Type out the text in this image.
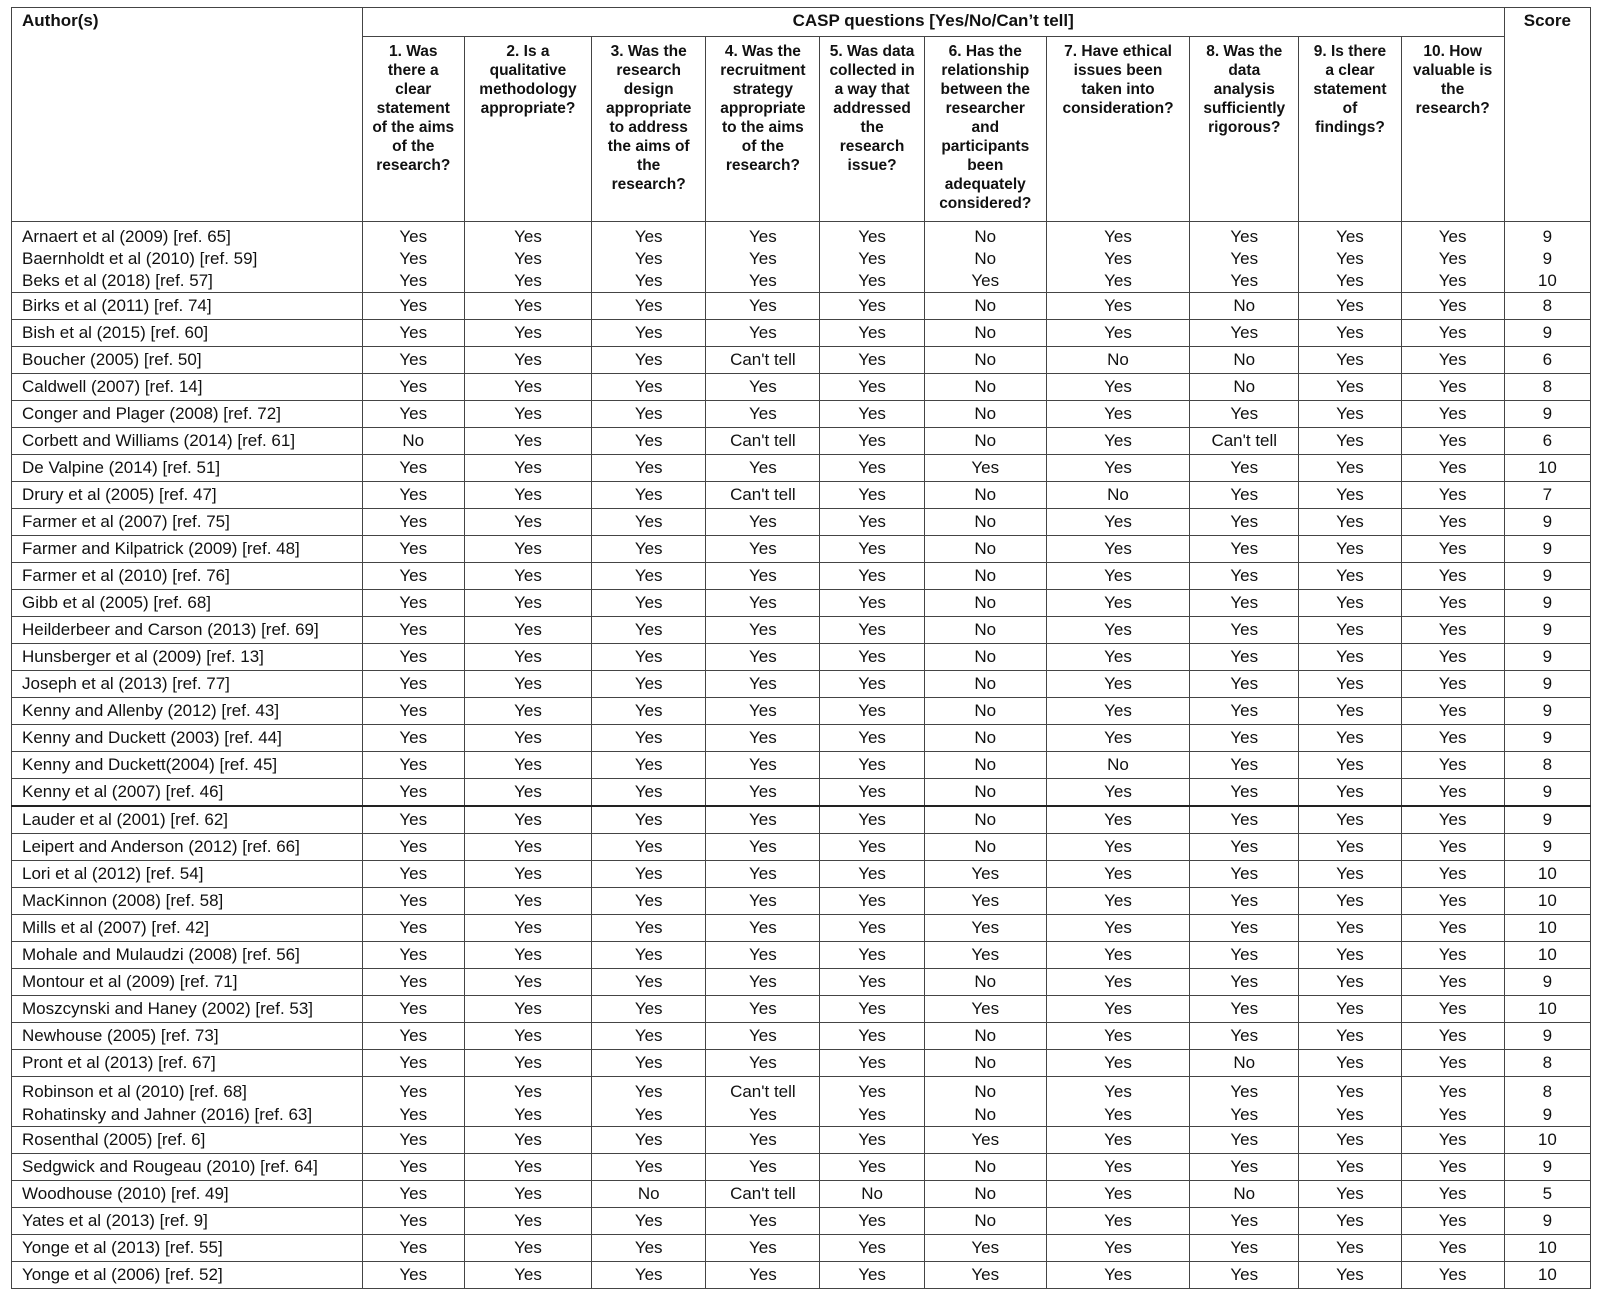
Author(s)	CASP questions [Yes/No/Can’t tell]										Score
	1. Was there a clear statement of the aims of the research?	2. Is a qualitative methodology appropriate?	3. Was the research design appropriate to address the aims of the research?	4. Was the recruitment strategy appropriate to the aims of the research?	5. Was data collected in a way that addressed the research issue?	6. Has the relationship between the researcher and participants been adequately considered?	7. Have ethical issues been taken into consideration?	8. Was the data analysis sufficiently rigorous?	9. Is there a clear statement of findings?	10. How valuable is the research?	
Arnaert et al (2009) [ref. 65]	Yes	Yes	Yes	Yes	Yes	No	Yes	Yes	Yes	Yes	9
Baernholdt et al (2010) [ref. 59]	Yes	Yes	Yes	Yes	Yes	No	Yes	Yes	Yes	Yes	9
Beks et al (2018) [ref. 57]	Yes	Yes	Yes	Yes	Yes	Yes	Yes	Yes	Yes	Yes	10
Birks et al (2011) [ref. 74]	Yes	Yes	Yes	Yes	Yes	No	Yes	No	Yes	Yes	8
Bish et al (2015) [ref. 60]	Yes	Yes	Yes	Yes	Yes	No	Yes	Yes	Yes	Yes	9
Boucher (2005) [ref. 50]	Yes	Yes	Yes	Can't tell	Yes	No	No	No	Yes	Yes	6
Caldwell (2007) [ref. 14]	Yes	Yes	Yes	Yes	Yes	No	Yes	No	Yes	Yes	8
Conger and Plager (2008) [ref. 72]	Yes	Yes	Yes	Yes	Yes	No	Yes	Yes	Yes	Yes	9
Corbett and Williams (2014) [ref. 61]	No	Yes	Yes	Can't tell	Yes	No	Yes	Can't tell	Yes	Yes	6
De Valpine (2014) [ref. 51]	Yes	Yes	Yes	Yes	Yes	Yes	Yes	Yes	Yes	Yes	10
Drury et al (2005) [ref. 47]	Yes	Yes	Yes	Can't tell	Yes	No	No	Yes	Yes	Yes	7
Farmer et al (2007) [ref. 75]	Yes	Yes	Yes	Yes	Yes	No	Yes	Yes	Yes	Yes	9
Farmer and Kilpatrick (2009) [ref. 48]	Yes	Yes	Yes	Yes	Yes	No	Yes	Yes	Yes	Yes	9
Farmer et al (2010) [ref. 76]	Yes	Yes	Yes	Yes	Yes	No	Yes	Yes	Yes	Yes	9
Gibb et al (2005) [ref. 68]	Yes	Yes	Yes	Yes	Yes	No	Yes	Yes	Yes	Yes	9
Heilderbeer and Carson (2013) [ref. 69]	Yes	Yes	Yes	Yes	Yes	No	Yes	Yes	Yes	Yes	9
Hunsberger et al (2009) [ref. 13]	Yes	Yes	Yes	Yes	Yes	No	Yes	Yes	Yes	Yes	9
Joseph et al (2013) [ref. 77]	Yes	Yes	Yes	Yes	Yes	No	Yes	Yes	Yes	Yes	9
Kenny and Allenby (2012) [ref. 43]	Yes	Yes	Yes	Yes	Yes	No	Yes	Yes	Yes	Yes	9
Kenny and Duckett (2003) [ref. 44]	Yes	Yes	Yes	Yes	Yes	No	Yes	Yes	Yes	Yes	9
Kenny and Duckett(2004) [ref. 45]	Yes	Yes	Yes	Yes	Yes	No	No	Yes	Yes	Yes	8
Kenny et al (2007) [ref. 46]	Yes	Yes	Yes	Yes	Yes	No	Yes	Yes	Yes	Yes	9
Lauder et al (2001) [ref. 62]	Yes	Yes	Yes	Yes	Yes	No	Yes	Yes	Yes	Yes	9
Leipert and Anderson (2012) [ref. 66]	Yes	Yes	Yes	Yes	Yes	No	Yes	Yes	Yes	Yes	9
Lori et al (2012) [ref. 54]	Yes	Yes	Yes	Yes	Yes	Yes	Yes	Yes	Yes	Yes	10
MacKinnon (2008) [ref. 58]	Yes	Yes	Yes	Yes	Yes	Yes	Yes	Yes	Yes	Yes	10
Mills et al (2007) [ref. 42]	Yes	Yes	Yes	Yes	Yes	Yes	Yes	Yes	Yes	Yes	10
Mohale and Mulaudzi (2008) [ref. 56]	Yes	Yes	Yes	Yes	Yes	Yes	Yes	Yes	Yes	Yes	10
Montour et al (2009) [ref. 71]	Yes	Yes	Yes	Yes	Yes	No	Yes	Yes	Yes	Yes	9
Moszcynski and Haney (2002) [ref. 53]	Yes	Yes	Yes	Yes	Yes	Yes	Yes	Yes	Yes	Yes	10
Newhouse (2005) [ref. 73]	Yes	Yes	Yes	Yes	Yes	No	Yes	Yes	Yes	Yes	9
Pront et al (2013) [ref. 67]	Yes	Yes	Yes	Yes	Yes	No	Yes	No	Yes	Yes	8
Robinson et al (2010) [ref. 68]	Yes	Yes	Yes	Can't tell	Yes	No	Yes	Yes	Yes	Yes	8
Rohatinsky and Jahner (2016) [ref. 63]	Yes	Yes	Yes	Yes	Yes	No	Yes	Yes	Yes	Yes	9
Rosenthal (2005) [ref. 6]	Yes	Yes	Yes	Yes	Yes	Yes	Yes	Yes	Yes	Yes	10
Sedgwick and Rougeau (2010) [ref. 64]	Yes	Yes	Yes	Yes	Yes	No	Yes	Yes	Yes	Yes	9
Woodhouse (2010) [ref. 49]	Yes	Yes	No	Can't tell	No	No	Yes	No	Yes	Yes	5
Yates et al (2013) [ref. 9]	Yes	Yes	Yes	Yes	Yes	No	Yes	Yes	Yes	Yes	9
Yonge et al (2013) [ref. 55]	Yes	Yes	Yes	Yes	Yes	Yes	Yes	Yes	Yes	Yes	10
Yonge et al (2006) [ref. 52]	Yes	Yes	Yes	Yes	Yes	Yes	Yes	Yes	Yes	Yes	10
